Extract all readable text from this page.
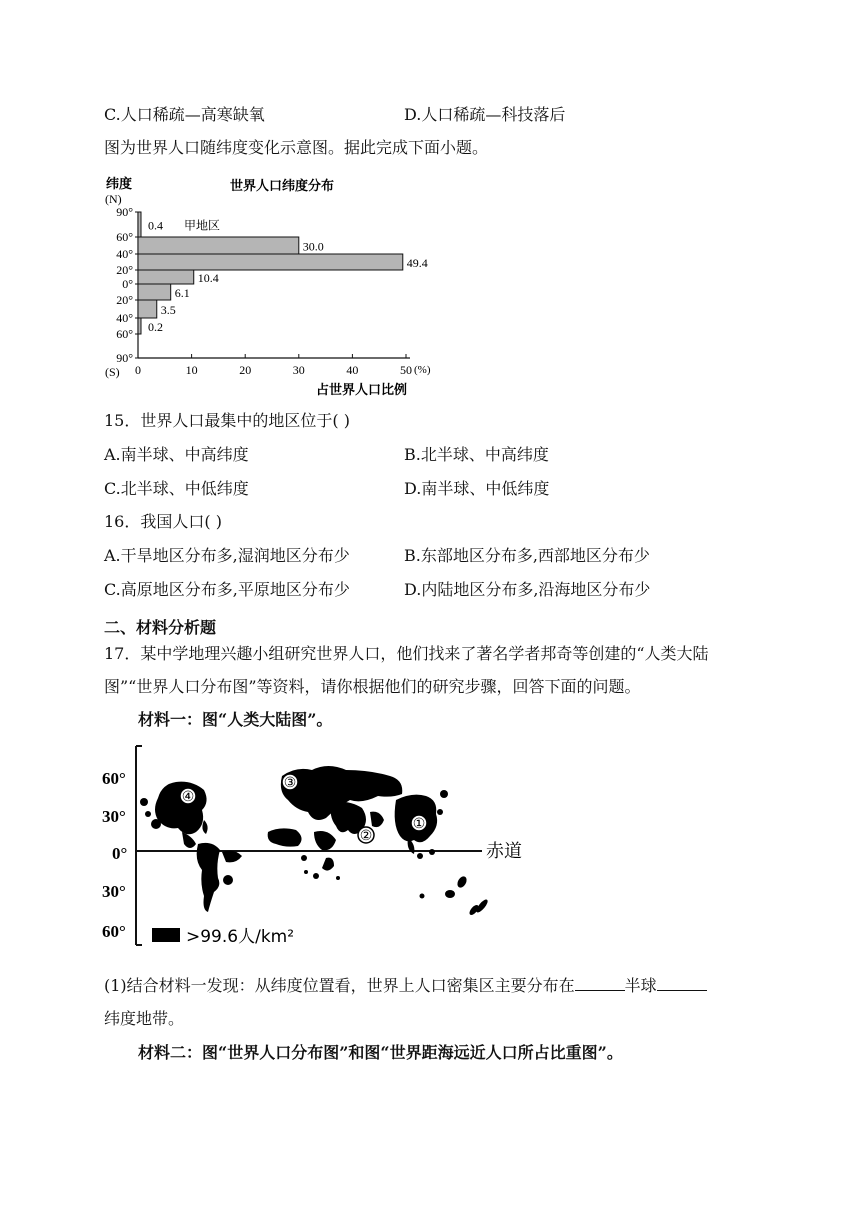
C.人口稀疏—高寒缺氧	D.人口稀疏—科技落后
图为世界人口随纬度变化示意图。据此完成下面小题。
纬度
(N)
(S)
世界人口纬度分布
占世界人口比例
(%)
90°
60°
40°
20°
0°
20°
40°
60°
90°
0	10	20	30	40	50
0.4
30.0
49.4
10.4
6.1
3.5
0.2
甲地区
15．世界人口最集中的地区位于( )
A.南半球、中高纬度	B.北半球、中高纬度
C.北半球、中低纬度	D.南半球、中低纬度
16．我国人口( )
A.干旱地区分布多,湿润地区分布少	B.东部地区分布多,西部地区分布少
C.高原地区分布多,平原地区分布少	D.内陆地区分布多,沿海地区分布少
二、材料分析题
17．某中学地理兴趣小组研究世界人口，他们找来了著名学者邦奇等创建的“人类大陆
图”“世界人口分布图”等资料，请你根据他们的研究步骤，回答下面的问题。
材料一：图“人类大陆图”。
60°
30°
0°
30°
60°
赤道
④
③
②
①
>99.6人/km²
(1)结合材料一发现：从纬度位置看，世界上人口密集区主要分布在	半球
纬度地带。
材料二：图“世界人口分布图”和图“世界距海远近人口所占比重图”。
